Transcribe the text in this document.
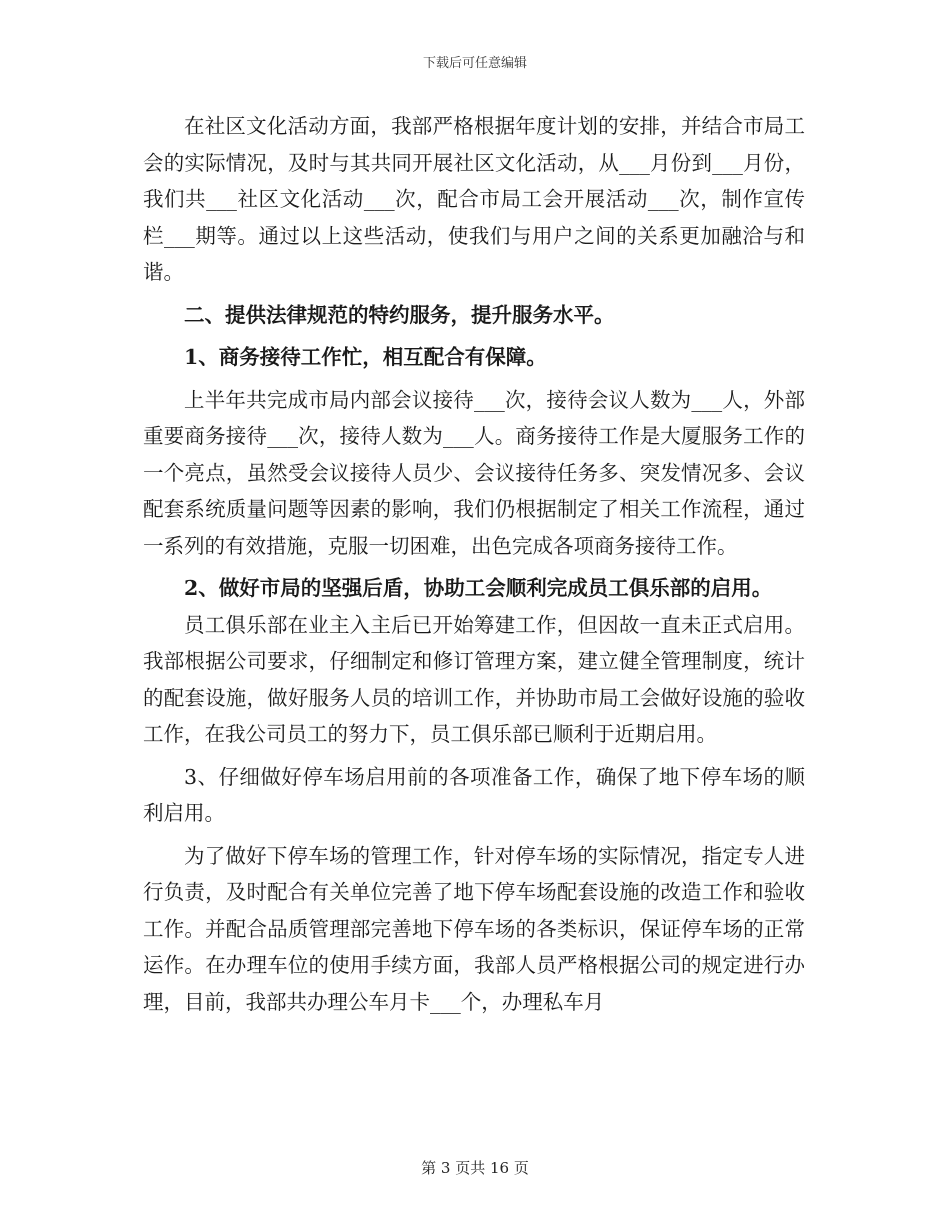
下载后可任意编辑

在社区文化活动方面，我部严格根据年度计划的安排，并结合市局工会的实际情况，及时与其共同开展社区文化活动，从___月份到___月份，我们共___社区文化活动___次，配合市局工会开展活动___次，制作宣传栏___期等。通过以上这些活动，使我们与用户之间的关系更加融洽与和谐。

二、提供法律规范的特约服务，提升服务水平。

1、商务接待工作忙，相互配合有保障。

上半年共完成市局内部会议接待___次，接待会议人数为___人，外部重要商务接待___次，接待人数为___人。商务接待工作是大厦服务工作的一个亮点，虽然受会议接待人员少、会议接待任务多、突发情况多、会议配套系统质量问题等因素的影响，我们仍根据制定了相关工作流程，通过一系列的有效措施，克服一切困难，出色完成各项商务接待工作。

2、做好市局的坚强后盾，协助工会顺利完成员工俱乐部的启用。

员工俱乐部在业主入主后已开始筹建工作，但因故一直未正式启用。我部根据公司要求，仔细制定和修订管理方案，建立健全管理制度，统计的配套设施，做好服务人员的培训工作，并协助市局工会做好设施的验收工作，在我公司员工的努力下，员工俱乐部已顺利于近期启用。

3、仔细做好停车场启用前的各项准备工作，确保了地下停车场的顺利启用。

为了做好下停车场的管理工作，针对停车场的实际情况，指定专人进行负责，及时配合有关单位完善了地下停车场配套设施的改造工作和验收工作。并配合品质管理部完善地下停车场的各类标识，保证停车场的正常运作。在办理车位的使用手续方面，我部人员严格根据公司的规定进行办理，目前，我部共办理公车月卡___个，办理私车月

第 3 页共 16 页
